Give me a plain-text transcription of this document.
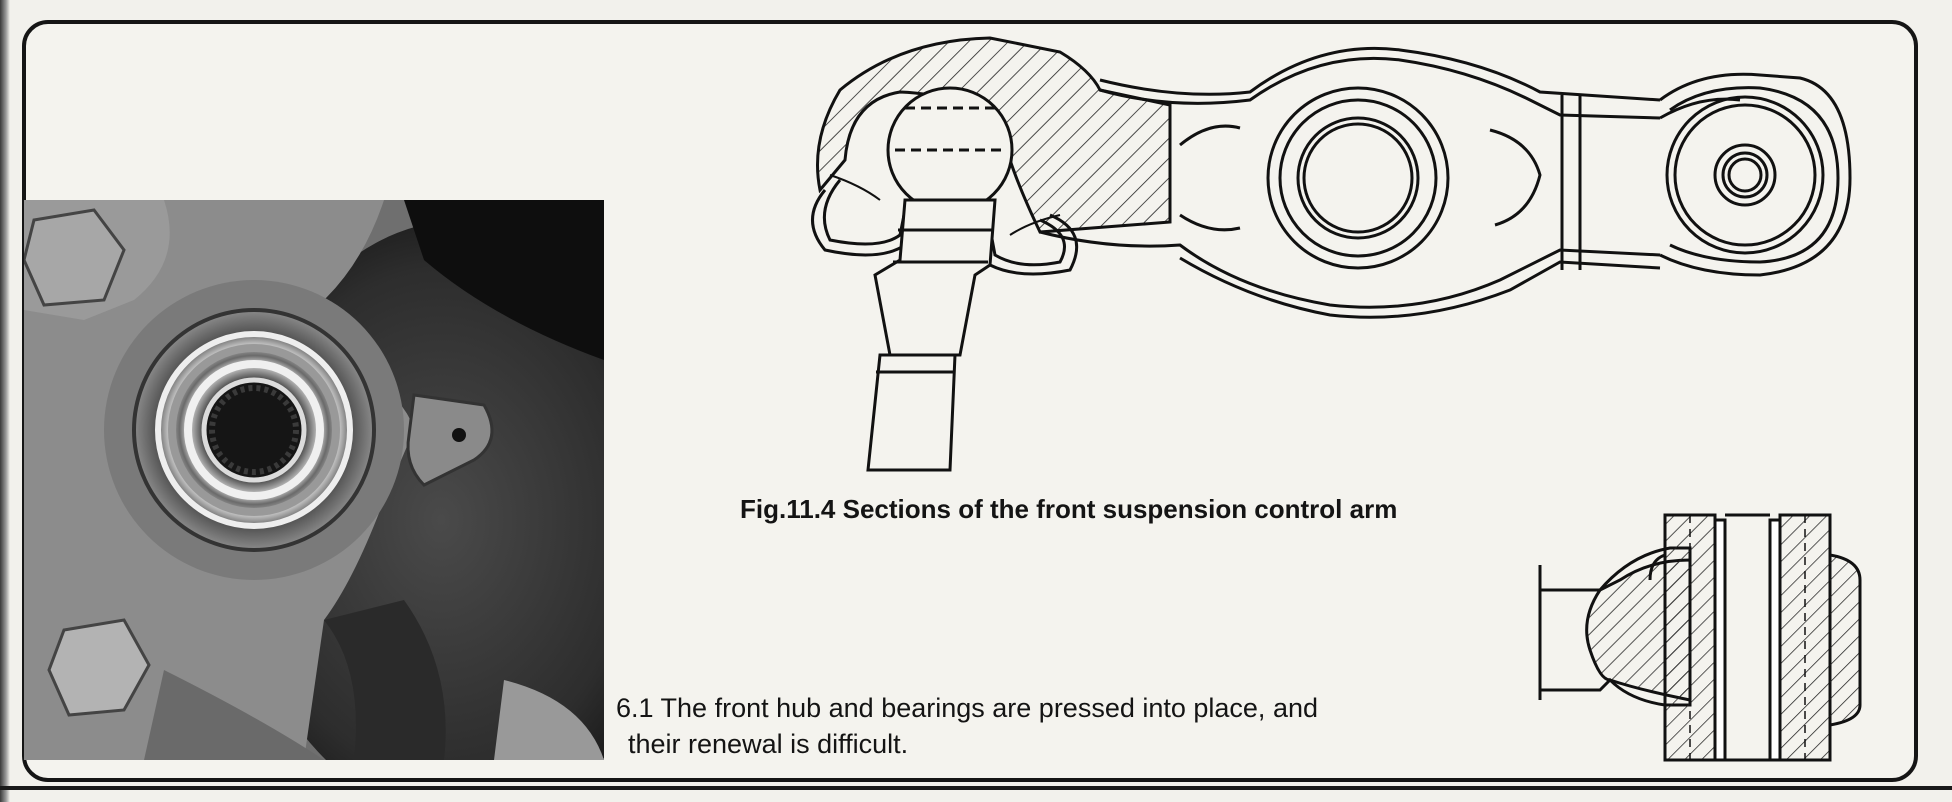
Fig.11.4 Sections of the front suspension control arm

6.1 The front hub and bearings are pressed into place, and
their renewal is difficult.
